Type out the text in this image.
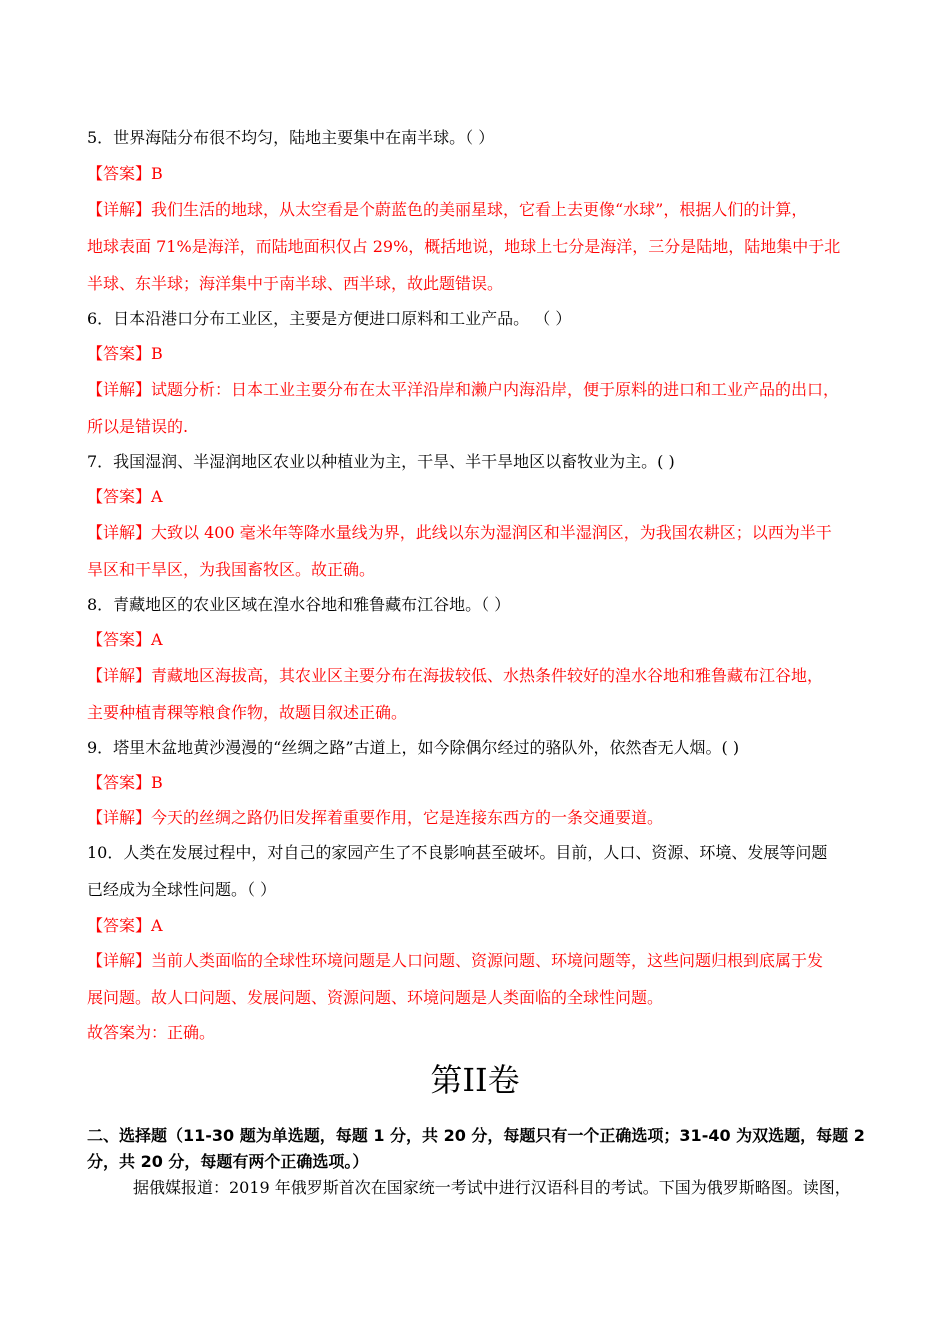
5．世界海陆分布很不均匀，陆地主要集中在南半球。（ ）
【答案】B
【详解】我们生活的地球，从太空看是个蔚蓝色的美丽星球，它看上去更像“水球”，根据人们的计算，
地球表面 71%是海洋，而陆地面积仅占 29%，概括地说，地球上七分是海洋，三分是陆地，陆地集中于北
半球、东半球；海洋集中于南半球、西半球，故此题错误。
6．日本沿港口分布工业区，主要是方便进口原料和工业产品。 （ ）
【答案】B
【详解】试题分析：日本工业主要分布在太平洋沿岸和濑户内海沿岸，便于原料的进口和工业产品的出口，
所以是错误的.
7．我国湿润、半湿润地区农业以种植业为主，干旱、半干旱地区以畜牧业为主。( )
【答案】A
【详解】大致以 400 毫米年等降水量线为界，此线以东为湿润区和半湿润区，为我国农耕区；以西为半干
旱区和干旱区，为我国畜牧区。故正确。
8．青藏地区的农业区域在湟水谷地和雅鲁藏布江谷地。（ ）
【答案】A
【详解】青藏地区海拔高，其农业区主要分布在海拔较低、水热条件较好的湟水谷地和雅鲁藏布江谷地，
主要种植青稞等粮食作物，故题目叙述正确。
9．塔里木盆地黄沙漫漫的“丝绸之路”古道上，如今除偶尔经过的骆队外，依然杳无人烟。( )
【答案】B
【详解】今天的丝绸之路仍旧发挥着重要作用，它是连接东西方的一条交通要道。
10．人类在发展过程中，对自己的家园产生了不良影响甚至破坏。目前，人口、资源、环境、发展等问题
已经成为全球性问题。（ ）
【答案】A
【详解】当前人类面临的全球性环境问题是人口问题、资源问题、环境问题等，这些问题归根到底属于发
展问题。故人口问题、发展问题、资源问题、环境问题是人类面临的全球性问题。
故答案为：正确。
第II卷
二、选择题（11-30 题为单选题，每题 1 分，共 20 分，每题只有一个正确选项；31-40 为双选题，每题 2
分，共 20 分，每题有两个正确选项。）
据俄媒报道：2019 年俄罗斯首次在国家统一考试中进行汉语科目的考试。下国为俄罗斯略图。读图，
